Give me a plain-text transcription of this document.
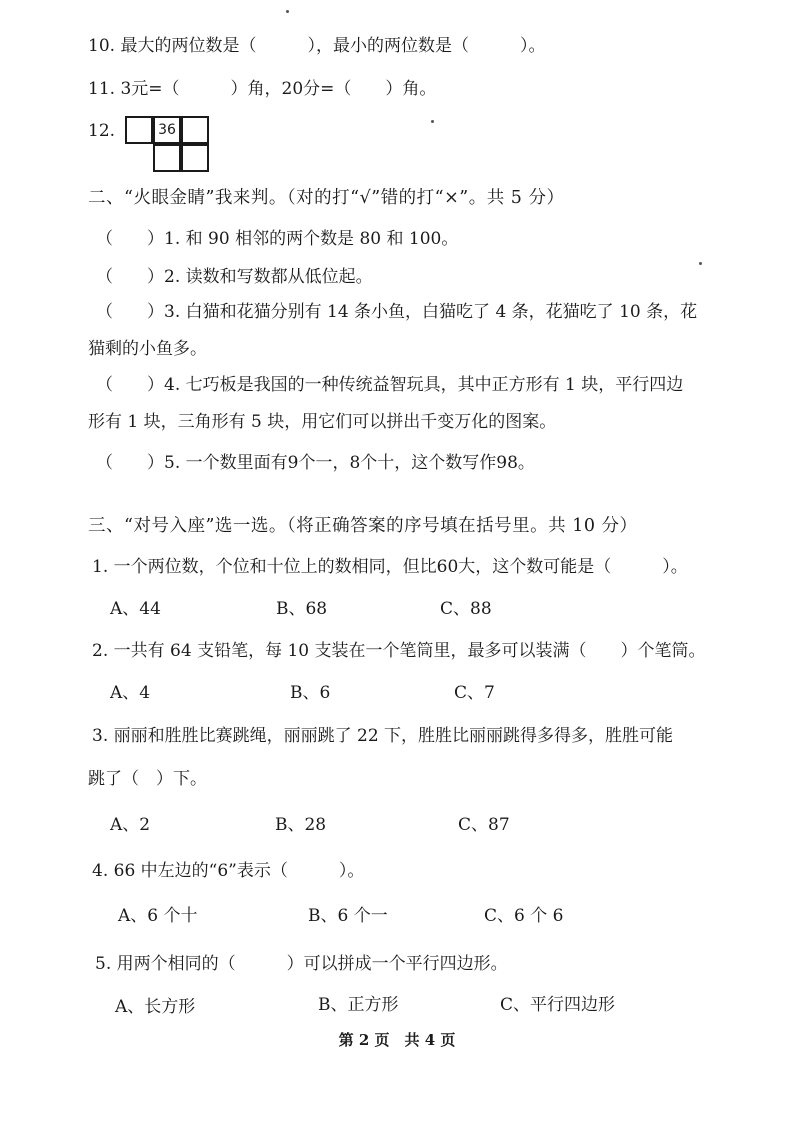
10. 最大的两位数是（　　　），最小的两位数是（　　　）。
11. 3元=（　　　）角，20分=（　　）角。
12.	36
二、“火眼金睛”我来判。（对的打“√”错的打“×”。共 5 分）
（　　）1. 和 90 相邻的两个数是 80 和 100。
（　　）2. 读数和写数都从低位起。
（　　）3. 白猫和花猫分别有 14 条小鱼，白猫吃了 4 条，花猫吃了 10 条，花
猫剩的小鱼多。
（　　）4. 七巧板是我国的一种传统益智玩具，其中正方形有 1 块，平行四边
形有 1 块，三角形有 5 块，用它们可以拼出千变万化的图案。
（　　）5. 一个数里面有9个一，8个十，这个数写作98。
三、“对号入座”选一选。（将正确答案的序号填在括号里。共 10 分）
1. 一个两位数，个位和十位上的数相同，但比60大，这个数可能是（　　　）。
A、44	B、68	C、88
2. 一共有 64 支铅笔，每 10 支装在一个笔筒里，最多可以装满（　　）个笔筒。
A、4	B、6	C、7
3. 丽丽和胜胜比赛跳绳，丽丽跳了 22 下，胜胜比丽丽跳得多得多，胜胜可能
跳了（　）下。
A、2	B、28	C、87
4. 66 中左边的“6”表示（　　　）。
A、6 个十	B、6 个一	C、6 个 6
5. 用两个相同的（　　　）可以拼成一个平行四边形。
A、长方形	B、正方形	C、平行四边形
第 2 页　共 4 页
